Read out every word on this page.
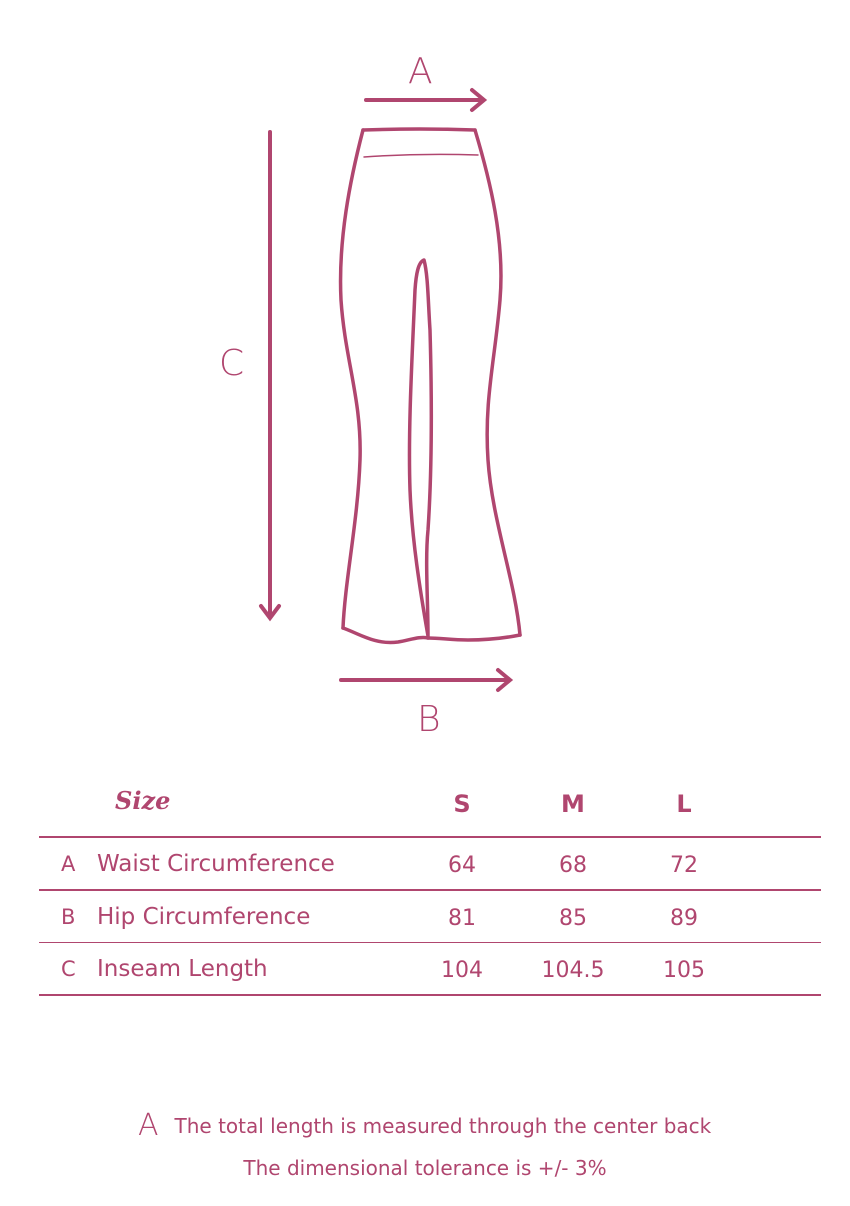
A
C
B
Size	S	M	L
A Waist Circumference	64	68	72
B Hip Circumference	81	85	89
C Inseam Length	104	104.5	105
A The total length is measured through the center back
The dimensional tolerance is +/- 3%
